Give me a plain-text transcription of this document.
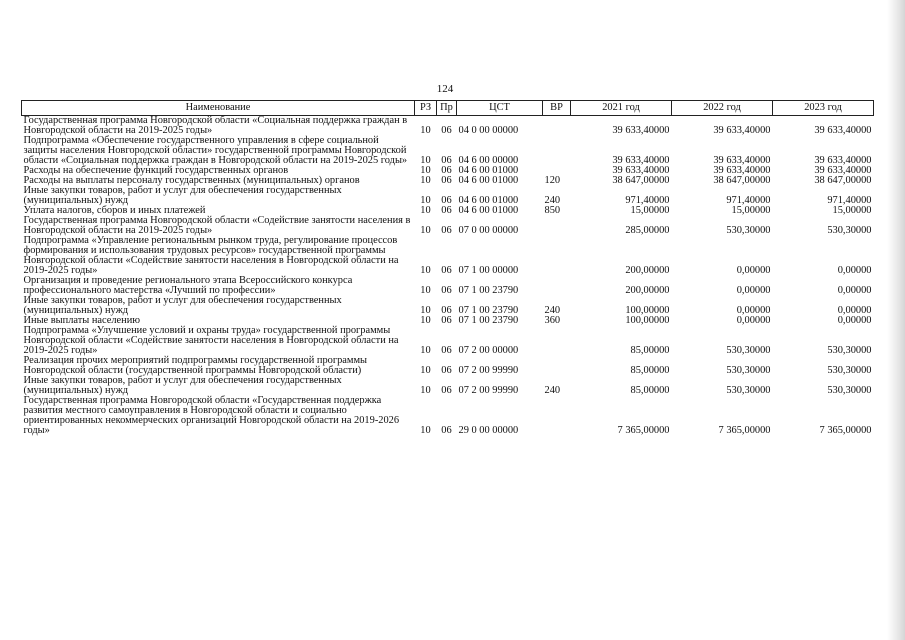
124
Наименование	РЗ	Пр	ЦСТ	ВР	2021 год	2022 год	2023 год
Государственная программа Новгородской области «Социальная поддержка граждан в Новгородской области на 2019-2025 годы»	10	06	04 0 00 00000		39 633,40000	39 633,40000	39 633,40000
Подпрограмма «Обеспечение государственного управления в сфере социальной защиты населения Новгородской области» государственной программы Новгородской области «Социальная поддержка граждан в Новгородской области на 2019-2025 годы»	10	06	04 6 00 00000		39 633,40000	39 633,40000	39 633,40000
Расходы на обеспечение функций государственных органов	10	06	04 6 00 01000		39 633,40000	39 633,40000	39 633,40000
Расходы на выплаты персоналу государственных (муниципальных) органов	10	06	04 6 00 01000	120	38 647,00000	38 647,00000	38 647,00000
Иные закупки товаров, работ и услуг для обеспечения государственных (муниципальных) нужд	10	06	04 6 00 01000	240	971,40000	971,40000	971,40000
Уплата налогов, сборов и иных платежей	10	06	04 6 00 01000	850	15,00000	15,00000	15,00000
Государственная программа Новгородской области «Содействие занятости населения в Новгородской области на 2019-2025 годы»	10	06	07 0 00 00000		285,00000	530,30000	530,30000
Подпрограмма «Управление региональным рынком труда, регулирование процессов формирования и использования трудовых ресурсов» государственной программы Новгородской области «Содействие занятости населения в Новгородской области на 2019-2025 годы»	10	06	07 1 00 00000		200,00000	0,00000	0,00000
Организация и проведение регионального этапа Всероссийского конкурса профессионального мастерства «Лучший по профессии»	10	06	07 1 00 23790		200,00000	0,00000	0,00000
Иные закупки товаров, работ и услуг для обеспечения государственных (муниципальных) нужд	10	06	07 1 00 23790	240	100,00000	0,00000	0,00000
Иные выплаты населению	10	06	07 1 00 23790	360	100,00000	0,00000	0,00000
Подпрограмма «Улучшение условий и охраны труда» государственной программы Новгородской области «Содействие занятости населения в Новгородской области на 2019-2025 годы»	10	06	07 2 00 00000		85,00000	530,30000	530,30000
Реализация прочих мероприятий подпрограммы государственной программы Новгородской области (государственной программы Новгородской области)	10	06	07 2 00 99990		85,00000	530,30000	530,30000
Иные закупки товаров, работ и услуг для обеспечения государственных (муниципальных) нужд	10	06	07 2 00 99990	240	85,00000	530,30000	530,30000
Государственная программа Новгородской области «Государственная поддержка развития местного самоуправления в Новгородской области и социально ориентированных некоммерческих организаций Новгородской области на 2019-2026 годы»	10	06	29 0 00 00000		7 365,00000	7 365,00000	7 365,00000
